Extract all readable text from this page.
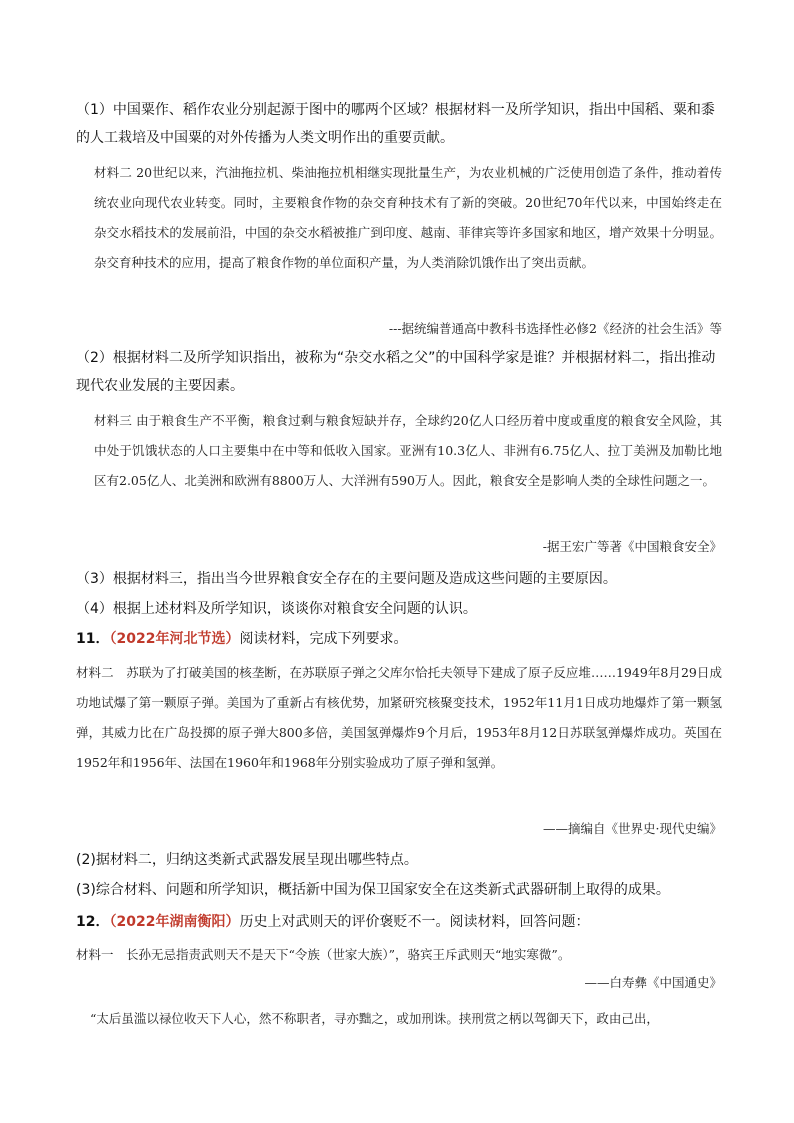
（1）中国粟作、稻作农业分别起源于图中的哪两个区域？根据材料一及所学知识，指出中国稻、粟和黍的人工栽培及中国粟的对外传播为人类文明作出的重要贡献。
材料二 20世纪以来，汽油拖拉机、柴油拖拉机相继实现批量生产，为农业机械的广泛使用创造了条件，推动着传统农业向现代农业转变。同时，主要粮食作物的杂交育种技术有了新的突破。20世纪70年代以来，中国始终走在杂交水稻技术的发展前沿，中国的杂交水稻被推广到印度、越南、菲律宾等许多国家和地区，增产效果十分明显。杂交育种技术的应用，提高了粮食作物的单位面积产量，为人类消除饥饿作出了突出贡献。
---据统编普通高中教科书选择性必修2《经济的社会生活》等
（2）根据材料二及所学知识指出，被称为“杂交水稻之父”的中国科学家是谁？并根据材料二，指出推动现代农业发展的主要因素。
材料三 由于粮食生产不平衡，粮食过剩与粮食短缺并存，全球约20亿人口经历着中度或重度的粮食安全风险，其中处于饥饿状态的人口主要集中在中等和低收入国家。亚洲有10.3亿人、非洲有6.75亿人、拉丁美洲及加勒比地区有2.05亿人、北美洲和欧洲有8800万人、大洋洲有590万人。因此，粮食安全是影响人类的全球性问题之一。
-据王宏广等著《中国粮食安全》
（3）根据材料三，指出当今世界粮食安全存在的主要问题及造成这些问题的主要原因。
（4）根据上述材料及所学知识，谈谈你对粮食安全问题的认识。
11．（2022年河北节选）阅读材料，完成下列要求。
材料二　苏联为了打破美国的核垄断，在苏联原子弹之父库尔恰托夫领导下建成了原子反应堆……1949年8月29日成功地试爆了第一颗原子弹。美国为了重新占有核优势，加紧研究核聚变技术，1952年11月1日成功地爆炸了第一颗氢弹，其威力比在广岛投掷的原子弹大800多倍，美国氢弹爆炸9个月后，1953年8月12日苏联氢弹爆炸成功。英国在1952年和1956年、法国在1960年和1968年分别实验成功了原子弹和氢弹。
——摘编自《世界史·现代史编》
(2)据材料二，归纳这类新式武器发展呈现出哪些特点。
(3)综合材料、问题和所学知识，概括新中国为保卫国家安全在这类新式武器研制上取得的成果。
12．（2022年湖南衡阳）历史上对武则天的评价褒贬不一。阅读材料，回答问题：
材料一　长孙无忌指责武则天不是天下“令族（世家大族）”，骆宾王斥武则天“地实寒微”。
——白寿彝《中国通史》
“太后虽滥以禄位收天下人心，然不称职者，寻亦黜之，或加刑诛。挟刑赏之柄以驾御天下，政由己出，
